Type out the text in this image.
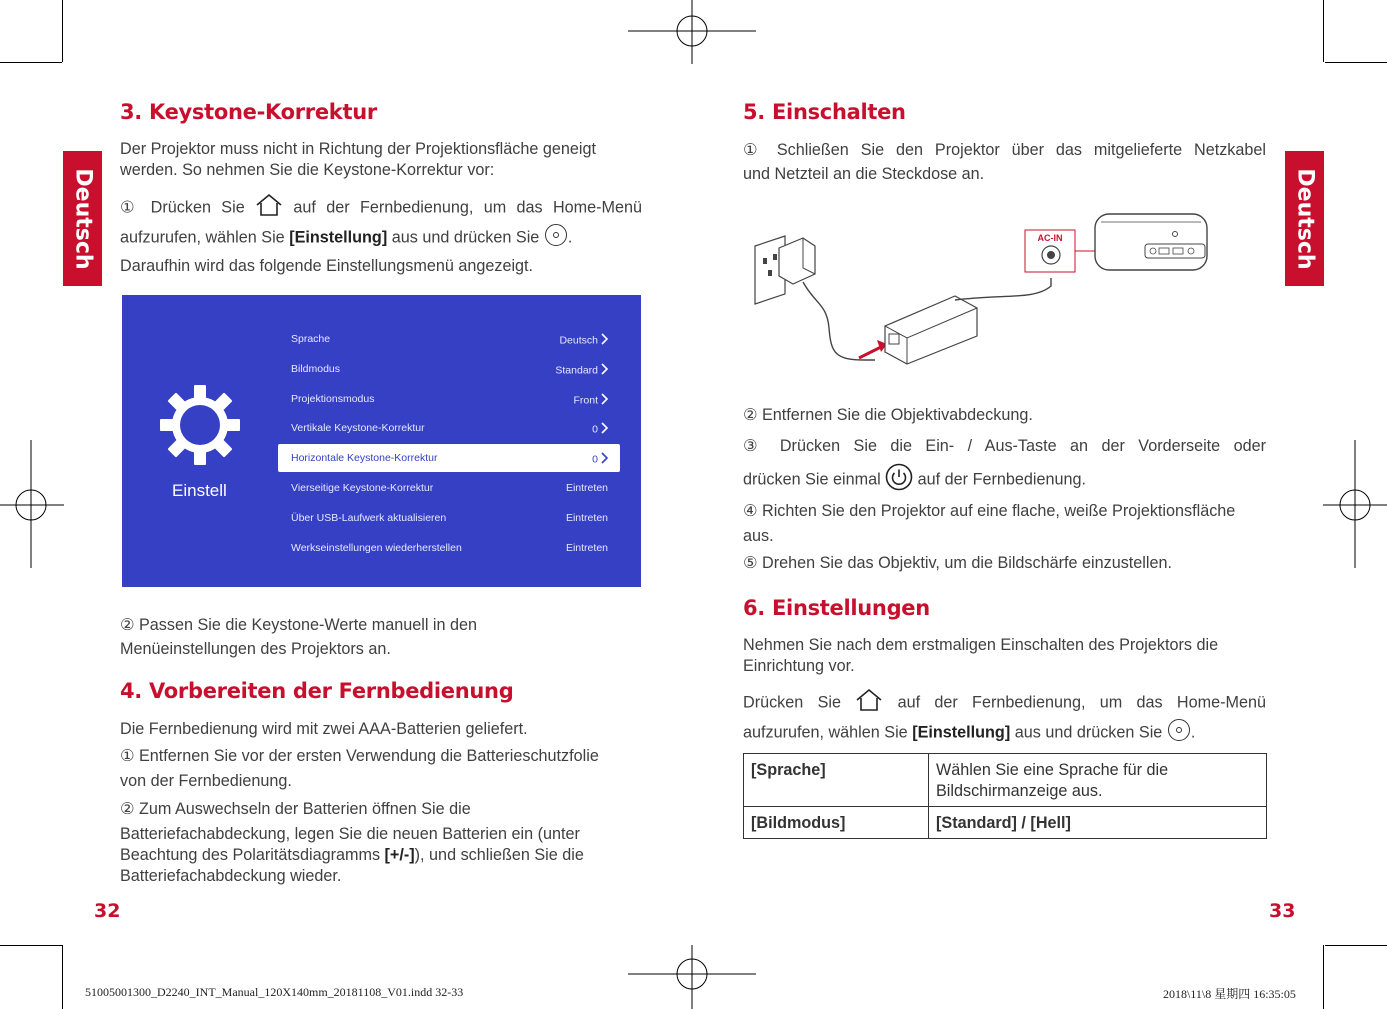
Deutsch	Deutsch
3. Keystone-Korrektur
Der Projektor muss nicht in Richtung der Projektionsfläche geneigt werden. So nehmen Sie die Keystone-Korrektur vor:
① Drücken Sie	auf der Fernbedienung, um das Home-Menü
aufzurufen, wählen Sie [Einstellung] aus und drücken Sie .
Daraufhin wird das folgende Einstellungsmenü angezeigt.
Einstell
Sprache	Deutsch
Bildmodus	Standard
Projektionsmodus	Front
Vertikale Keystone-Korrektur	0
Horizontale Keystone-Korrektur	0
Vierseitige Keystone-Korrektur	Eintreten
Über USB-Laufwerk aktualisieren	Eintreten
Werkseinstellungen wiederherstellen	Eintreten
② Passen Sie die Keystone-Werte manuell in den
Menüeinstellungen des Projektors an.
4. Vorbereiten der Fernbedienung
Die Fernbedienung wird mit zwei AAA-Batterien geliefert.
① Entfernen Sie vor der ersten Verwendung die Batterieschutzfolie
von der Fernbedienung.
② Zum Auswechseln der Batterien öffnen Sie die
Batteriefachabdeckung, legen Sie die neuen Batterien ein (unter
Beachtung des Polaritätsdiagramms [+/-]), und schließen Sie die
Batteriefachabdeckung wieder.
32
5. Einschalten
① Schließen Sie den Projektor über das mitgelieferte Netzkabel
und Netzteil an die Steckdose an.
AC-IN
② Entfernen Sie die Objektivabdeckung.
③ Drücken Sie die Ein- / Aus-Taste an der Vorderseite oder
drücken Sie einmal auf der Fernbedienung.
④ Richten Sie den Projektor auf eine flache, weiße Projektionsfläche
aus.
⑤ Drehen Sie das Objektiv, um die Bildschärfe einzustellen.
6. Einstellungen
Nehmen Sie nach dem erstmaligen Einschalten des Projektors die Einrichtung vor.
Drücken Sie	auf der Fernbedienung, um das Home-Menü
aufzurufen, wählen Sie [Einstellung] aus und drücken Sie .
[Sprache]	Wählen Sie eine Sprache für die Bildschirmanzeige aus.
[Bildmodus]	[Standard] / [Hell]
33
51005001300_D2240_INT_Manual_120X140mm_20181108_V01.indd 32-33	2018\11\8 星期四 16:35:05
